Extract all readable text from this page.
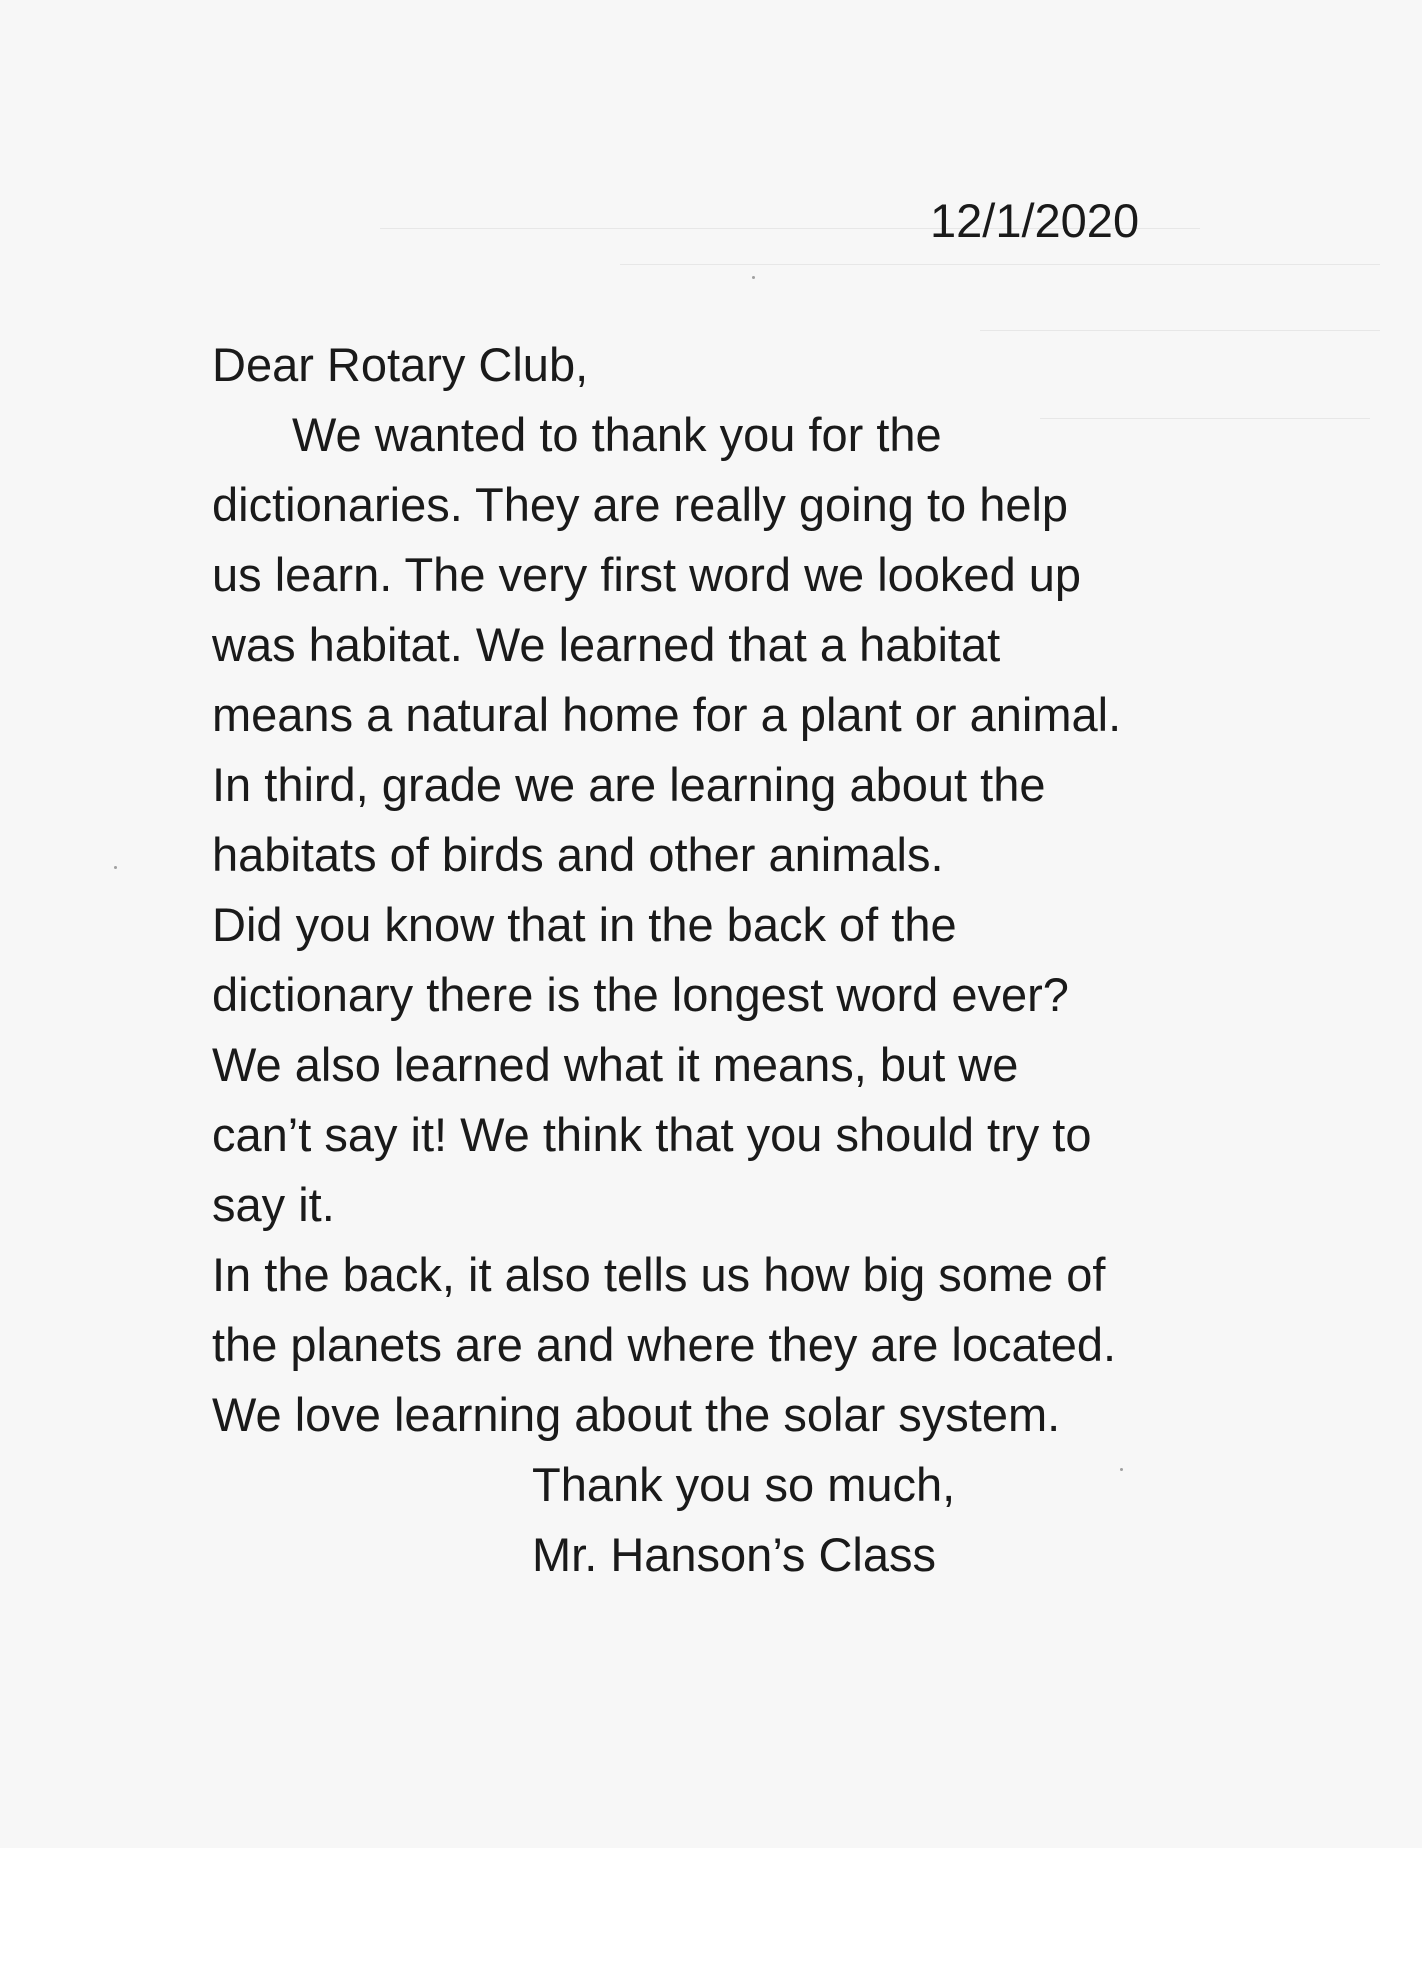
12/1/2020
Dear Rotary Club,
We wanted to thank you for the
dictionaries. They are really going to help
us learn. The very first word we looked up
was habitat. We learned that a habitat
means a natural home for a plant or animal.
In third, grade we are learning about the
habitats of birds and other animals.
Did you know that in the back of the
dictionary there is the longest word ever?
We also learned what it means, but we
can’t say it! We think that you should try to
say it.
In the back, it also tells us how big some of
the planets are and where they are located.
We love learning about the solar system.
Thank you so much,
Mr. Hanson’s Class
